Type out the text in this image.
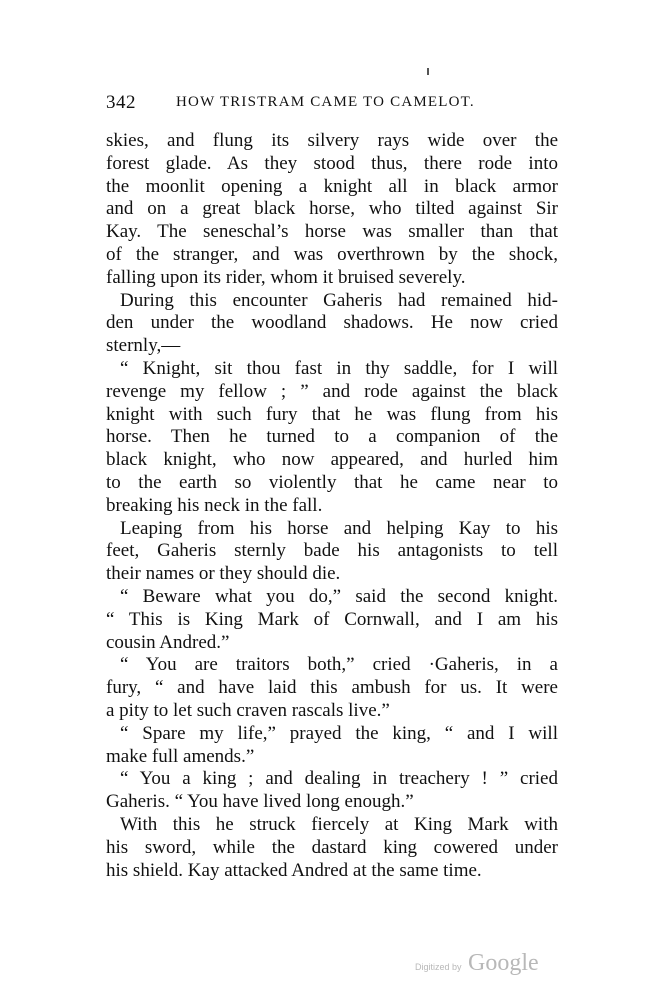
342	HOW TRISTRAM CAME TO CAMELOT.
skies, and flung its silvery rays wide over the
forest glade. As they stood thus, there rode into
the moonlit opening a knight all in black armor
and on a great black horse, who tilted against Sir
Kay. The seneschal’s horse was smaller than that
of the stranger, and was overthrown by the shock,
falling upon its rider, whom it bruised severely.
During this encounter Gaheris had remained hid-
den under the woodland shadows. He now cried
sternly,—
“ Knight, sit thou fast in thy saddle, for I will
revenge my fellow ; ” and rode against the black
knight with such fury that he was flung from his
horse. Then he turned to a companion of the
black knight, who now appeared, and hurled him
to the earth so violently that he came near to
breaking his neck in the fall.
Leaping from his horse and helping Kay to his
feet, Gaheris sternly bade his antagonists to tell
their names or they should die.
“ Beware what you do,” said the second knight.
“ This is King Mark of Cornwall, and I am his
cousin Andred.”
“ You are traitors both,” cried ·Gaheris, in a
fury, “ and have laid this ambush for us. It were
a pity to let such craven rascals live.”
“ Spare my life,” prayed the king, “ and I will
make full amends.”
“ You a king ; and dealing in treachery ! ” cried
Gaheris. “ You have lived long enough.”
With this he struck fiercely at King Mark with
his sword, while the dastard king cowered under
his shield. Kay attacked Andred at the same time.
Digitized by Google
